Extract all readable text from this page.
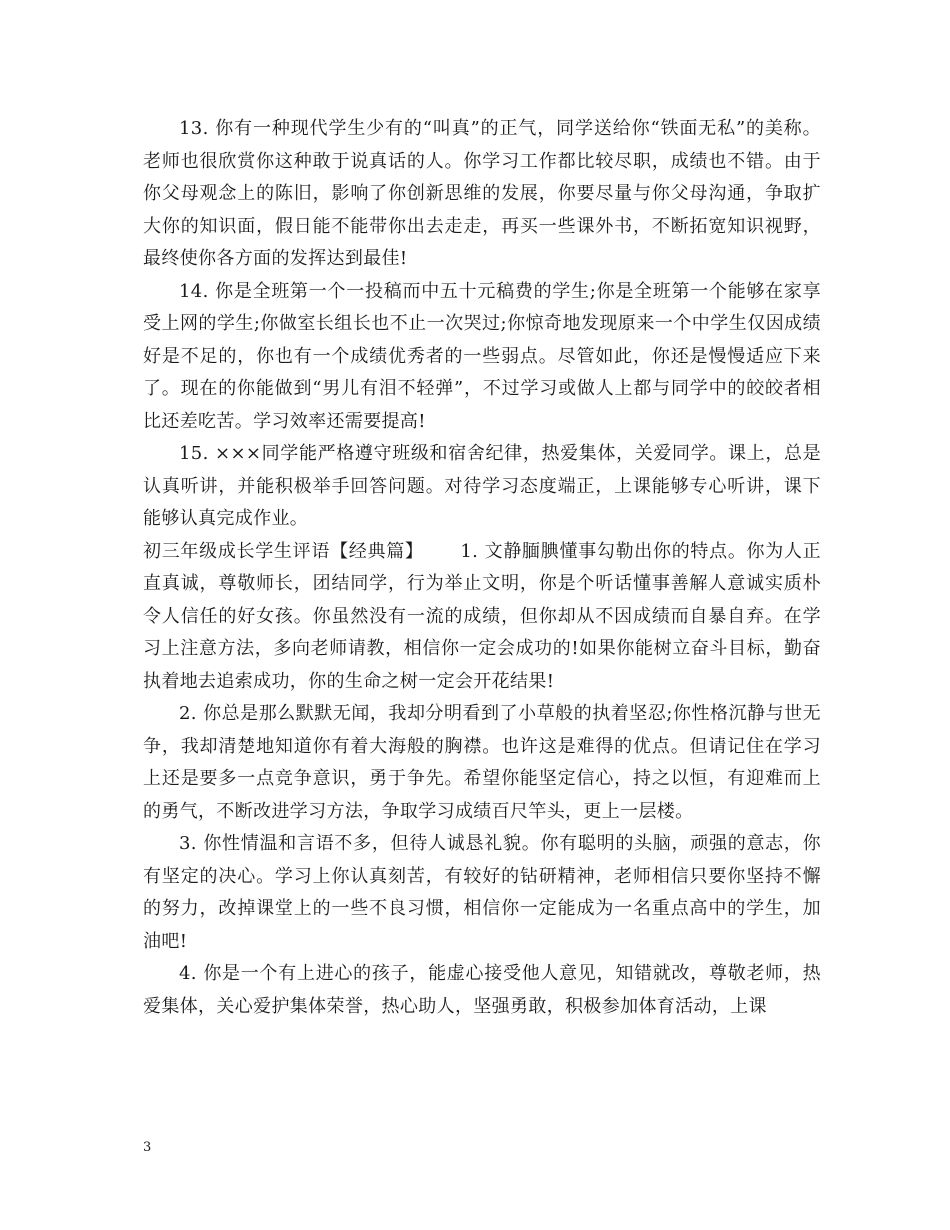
13. 你有一种现代学生少有的“叫真”的正气，同学送给你“铁面无私”的美称。老师也很欣赏你这种敢于说真话的人。你学习工作都比较尽职，成绩也不错。由于你父母观念上的陈旧，影响了你创新思维的发展，你要尽量与你父母沟通，争取扩大你的知识面，假日能不能带你出去走走，再买一些课外书，不断拓宽知识视野，最终使你各方面的发挥达到最佳!

14. 你是全班第一个一投稿而中五十元稿费的学生;你是全班第一个能够在家享受上网的学生;你做室长组长也不止一次哭过;你惊奇地发现原来一个中学生仅因成绩好是不足的，你也有一个成绩优秀者的一些弱点。尽管如此，你还是慢慢适应下来了。现在的你能做到“男儿有泪不轻弹”，不过学习或做人上都与同学中的皎皎者相比还差吃苦。学习效率还需要提高!

15. ×××同学能严格遵守班级和宿舍纪律，热爱集体，关爱同学。课上，总是认真听讲，并能积极举手回答问题。对待学习态度端正，上课能够专心听讲，课下能够认真完成作业。

初三年级成长学生评语【经典篇】   1. 文静腼腆懂事勾勒出你的特点。你为人正直真诚，尊敬师长，团结同学，行为举止文明，你是个听话懂事善解人意诚实质朴令人信任的好女孩。你虽然没有一流的成绩，但你却从不因成绩而自暴自弃。在学习上注意方法，多向老师请教，相信你一定会成功的!如果你能树立奋斗目标，勤奋执着地去追索成功，你的生命之树一定会开花结果!

2. 你总是那么默默无闻，我却分明看到了小草般的执着坚忍;你性格沉静与世无争，我却清楚地知道你有着大海般的胸襟。也许这是难得的优点。但请记住在学习上还是要多一点竞争意识，勇于争先。希望你能坚定信心，持之以恒，有迎难而上的勇气，不断改进学习方法，争取学习成绩百尺竿头，更上一层楼。

3. 你性情温和言语不多，但待人诚恳礼貌。你有聪明的头脑，顽强的意志，你有坚定的决心。学习上你认真刻苦，有较好的钻研精神，老师相信只要你坚持不懈的努力，改掉课堂上的一些不良习惯，相信你一定能成为一名重点高中的学生，加油吧!

4. 你是一个有上进心的孩子，能虚心接受他人意见，知错就改，尊敬老师，热爱集体，关心爱护集体荣誉，热心助人，坚强勇敢，积极参加体育活动，上课

3
